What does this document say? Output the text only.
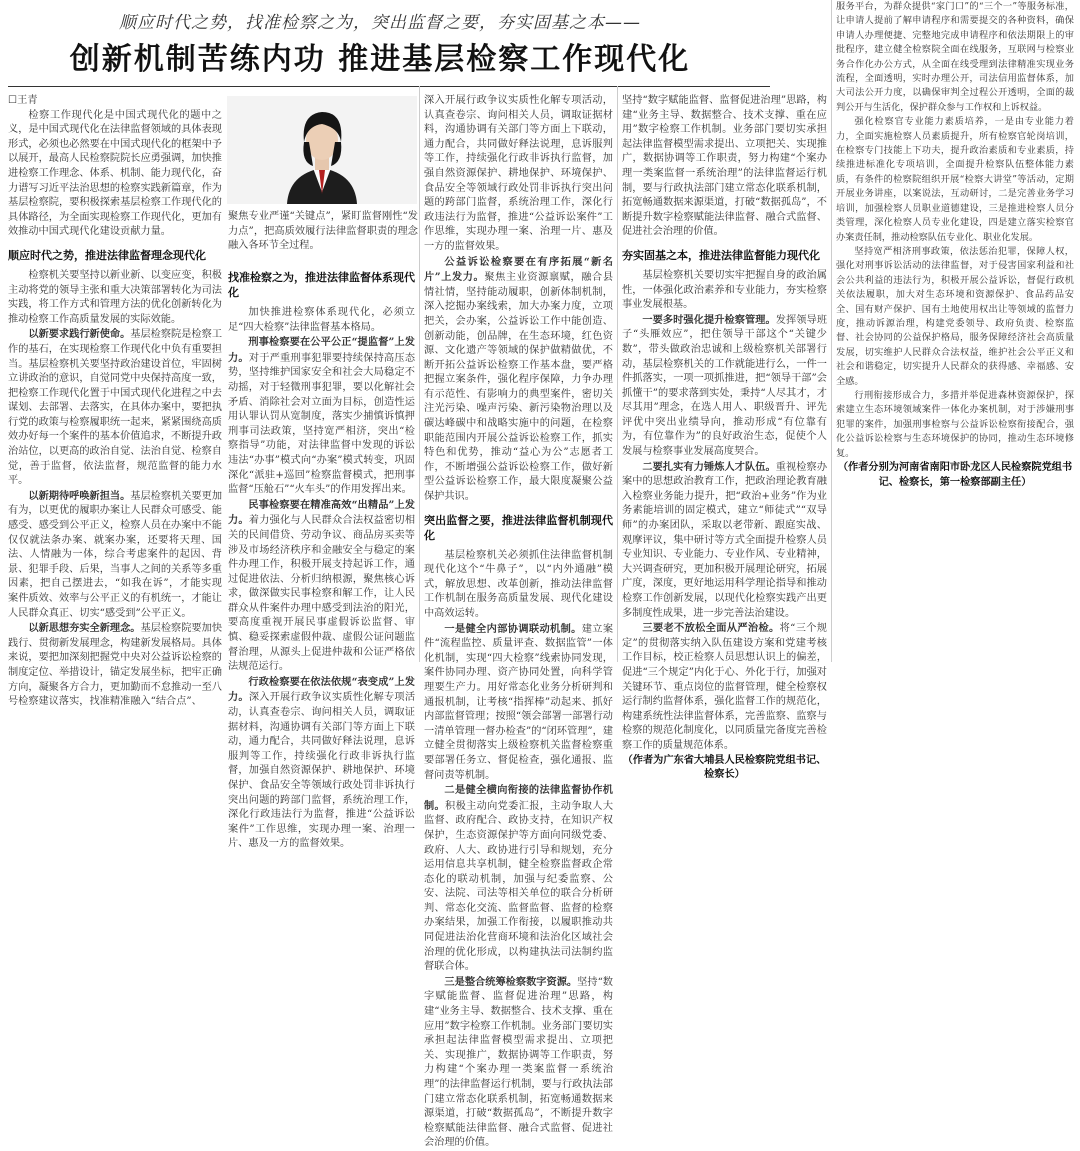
顺应时代之势，找准检察之为，突出监督之要，夯实固基之本——
创新机制苦练内功 推进基层检察工作现代化

☐王青

检察工作现代化是中国式现代化的题中之义，是中国式现代化在法律监督领域的具体表现形式，必须也必然要在中国式现代化的框架中予以展开，最高人民检察院院长应勇强调，加快推进检察工作理念、体系、机制、能力现代化，奋力谱写习近平法治思想的检察实践新篇章，作为基层检察院，要积极探索基层检察工作现代化的具体路径，为全面实现检察工作现代化，更加有效推动中国式现代化建设贡献力量。

顺应时代之势，推进法律监督理念现代化

检察机关要坚持以新业新、以变应变，积极主动将党的领导主张和重大决策部署转化为司法实践，将工作方式和管理方法的优化创新转化为推动检察工作高质量发展的实际效能。

以新要求践行新使命。基层检察院是检察工作的基石，在实现检察工作现代化中负有重要担当。基层检察机关要坚持政治建设首位，牢固树立讲政治的意识，自觉同党中央保持高度一致，把检察工作现代化置于中国式现代化进程之中去谋划、去部署、去落实，在具体办案中，要把执行党的政策与检察履职统一起来，紧紧围绕高质效办好每一个案件的基本价值追求，不断提升政治站位，以更高的政治自觉、法治自觉、检察自觉，善于监督，依法监督，规范监督的能力水平。

以新期待呼唤新担当。基层检察机关要更加有为，以更优的履职办案让人民群众可感受、能感受、感受到公平正义，检察人员在办案中不能仅仅就法条办案、就案办案，还要将天理、国法、人情融为一体，综合考虑案件的起因、背景、犯罪手段、后果，当事人之间的关系等多重因素，把自己摆进去，“如我在诉”，才能实现案件质效、效率与公平正义的有机统一，才能让人民群众真正、切实“感受到”公平正义。

以新思想夯实全新理念。基层检察院要加快践行、贯彻新发展理念，构建新发展格局。具体来说，要把加深刻把握党中央对公益诉讼检察的制度定位、举措设计，锚定发展坐标，把牢正确方向，凝聚各方合力，更加勤而不怠推动一至八号检察建议落实，找准精准融入“结合点”、

聚焦专业严谨“关键点”，紧盯监督刚性“发力点”，把高质效履行法律监督职责的理念融入各环节全过程。

找准检察之为，推进法律监督体系现代化

加快推进检察体系现代化，必须立足“四大检察”法律监督基本格局。

刑事检察要在公平公正“提监督”上发力。对于严重刑事犯罪要持续保持高压态势，坚持维护国家安全和社会大局稳定不动摇，对于轻微刑事犯罪，要以化解社会矛盾、消除社会对立面为目标，创造性运用认罪认罚从宽制度，落实少捕慎诉慎押刑事司法政策，坚持宽严相济，突出“检察指导”功能，对法律监督中发现的诉讼违法“办事”模式向“办案”模式转变，巩固深化“派驻+巡回”检察监督模式，把刑事监督“压舱石”“火车头”的作用发挥出来。

民事检察要在精准高效“出精品”上发力。着力强化与人民群众合法权益密切相关的民间借贷、劳动争议、商品房买卖等涉及市场经济秩序和金融安全与稳定的案件办理工作，积极开展支持起诉工作，通过促进依法、分析归纳根源，聚焦核心诉求，做深做实民事检察和解工作，让人民群众从件案件办理中感受到法治的阳光，要高度重视开展民事虚假诉讼监督、审慎、稳妥探索虚假仲裁、虚假公证问题监督治理，从源头上促进仲裁和公证严格依法规范运行。

行政检察要在依法依规“表变成”上发力。深入开展行政争议实质性化解专项活动，认真查卷宗、询问相关人员，调取证据材料，沟通协调有关部门等方面上下联动，通力配合，共同做好释法说理，息诉服判等工作，持续强化行政非诉执行监督，加强自然资源保护、耕地保护、环境保护、食品安全等领域行政处罚非诉执行突出问题的跨部门监督，系统治理工作，深化行政违法行为监督，推进“公益诉讼案件”工作思维，实现办理一案、治理一片、惠及一方的监督效果。

深入开展行政争议实质性化解专项活动，认真查卷宗、询问相关人员，调取证据材料，沟通协调有关部门等方面上下联动，通力配合，共同做好释法说理，息诉服判等工作，持续强化行政非诉执行监督，加强自然资源保护、耕地保护、环境保护、食品安全等领域行政处罚非诉执行突出问题的跨部门监督，系统治理工作，深化行政违法行为监督，推进“公益诉讼案件”工作思维，实现办理一案、治理一片、惠及一方的监督效果。

公益诉讼检察要在有序拓展“新名片”上发力。聚焦主业资源禀赋，融合县情社情，坚持能动履职，创新体制机制，深入挖掘办案线索，加大办案力度，立项把关，会办案，公益诉讼工作中能创造、创新动能，创品牌，在生态环境，红色资源、文化遗产等领域的保护做精做优，不断开拓公益诉讼检察工作基本盘，要严格把握立案条件，强化程序保障，力争办理有示范性、有影响力的典型案件，密切关注光污染、噪声污染、新污染物治理以及碳达峰碳中和战略实施中的问题，在检察职能范围内开展公益诉讼检察工作，抓实特色和优势，推动“益心为公”志愿者工作，不断增强公益诉讼检察工作，做好新型公益诉讼检察工作，最大限度凝聚公益保护共识。

突出监督之要，推进法律监督机制现代化

基层检察机关必须抓住法律监督机制现代化这个“牛鼻子”，以“内外通融”模式，解放思想、改革创新，推动法律监督工作机制在服务高质量发展、现代化建设中高效运转。

一是健全内部协调联动机制。建立案件“流程监控、质量评查、数据监管”一体化机制，实现“四大检察”线索协同发现，案件协同办理、资产协同处置，向科学管理要生产力。用好常态化业务分析研判和通报机制，让考核“指挥棒”动起来、抓好内部监督管理；按照“领会部署一部署行动一清单管理一督办检查”的“闭环管理”，建立健全贯彻落实上级检察机关监督检察重要部署任务立、督促检查，强化通报、监督问责等机制。

二是健全横向衔接的法律监督协作机制。积极主动向党委汇报，主动争取人大监督、政府配合、政协支持，在知识产权保护，生态资源保护等方面向同级党委、政府、人大、政协进行引导和规划，充分运用信息共享机制，健全检察监督政企常态化的联动机制，加强与纪委监察、公安、法院、司法等相关单位的联合分析研判、常态化交流、监督监督、监督的检察办案结果，加强工作衔接，以履职推动共同促进法治化营商环境和法治化区域社会治理的优化形成，以构建执法司法制约监督联合体。

三是整合统筹检察数字资源。坚持“数字赋能监督、监督促进治理”思路，构建“业务主导、数据整合、技术支撑、重在应用”数字检察工作机制。业务部门要切实承担起法律监督模型需求提出、立项把关、实现推广，数据协调等工作职责，努力构建“个案办理一类案监督一系统治理”的法律监督运行机制，要与行政执法部门建立常态化联系机制，拓宽畅通数据来源渠道，打破“数据孤岛”，不断提升数字检察赋能法律监督、融合式监督、促进社会治理的价值。

坚持“数字赋能监督、监督促进治理”思路，构建“业务主导、数据整合、技术支撑、重在应用”数字检察工作机制。业务部门要切实承担起法律监督模型需求提出、立项把关、实现推广，数据协调等工作职责，努力构建“个案办理一类案监督一系统治理”的法律监督运行机制，要与行政执法部门建立常态化联系机制，拓宽畅通数据来源渠道，打破“数据孤岛”，不断提升数字检察赋能法律监督、融合式监督、促进社会治理的价值。

夯实固基之本，推进法律监督能力现代化

基层检察机关要切实牢把握自身的政治属性，一体强化政治素养和专业能力，夯实检察事业发展根基。

一要多时强化提升检察管理。发挥领导班子“头雁效应”，把住领导干部这个“关键少数”，带头做政治忠诚和上级检察机关部署行动，基层检察机关的工作就能进行么，一件一件抓落实，一项一项抓推进，把“领导干部”会抓懂干”的要求落到实处，秉持“人尽其才，才尽其用”理念，在选人用人、职级晋升、评先评优中突出业绩导向，推动形成“有位靠有为，有位靠作为”的良好政治生态，促使个人发展与检察事业发展高度契合。

二要扎实有力锤炼人才队伍。重视检察办案中的思想政治教育工作，把政治理论教育融入检察业务能力提升，把“政治+业务”作为业务素能培训的固定模式，建立“师徒式”“双导师”的办案团队，采取以老带新、跟庭实战、观摩评议，集中研讨等方式全面提升检察人员专业知识、专业能力、专业作风、专业精神，大兴调查研究，更加积极开展理论研究，拓展广度，深度，更好地运用科学理论指导和推动检察工作创新发展，以现代化检察实践产出更多制度性成果，进一步完善法治建设。

三要老不放松全面从严治检。将“三个规定”的贯彻落实纳入队伍建设方案和党建考核工作目标，校正检察人员思想认识上的偏差，促进“三个规定”内化于心、外化于行，加强对关键环节、重点岗位的监督管理，健全检察权运行制约监督体系，强化监督工作的规范化，构建系统性法律监督体系，完善监察、监察与检察的规范化制度化，以同质量完备度完善检察工作的质量规范体系。

（作者为广东省大埔县人民检察院党组书记、检察长）

服务平台，为群众提供“家门口”的“三个一”等服务标准，让申请人提前了解申请程序和需要提交的各种资料，确保申请人办理便捷、完整地完成申请程序和依法期限上的审批程序，建立健全检察院全面在线服务，互联网与检察业务合作化办公方式，从全面在线受理到法律精准实现业务流程，全面透明，实时办理公开，司法信用监督体系，加大司法公开力度，以确保审判全过程公开透明，全面的裁判公开与生活化，保护群众参与工作权和上诉权益。

强化检察官专业能力素质培养，一是由专业能力着力，全面实施检察人员素质提升，所有检察官轮岗培训，在检察专门技能上下功夫，提升政治素质和专业素质，持续推进标准化专项培训，全面提升检察队伍整体能力素质，有条件的检察院组织开展“检察大讲堂”等活动，定期开展业务讲座，以案说法，互动研讨，二是完善业务学习培训，加强检察人员职业道德建设，三是推进检察人员分类管理，深化检察人员专业化建设，四是建立落实检察官办案责任制，推动检察队伍专业化、职业化发展。

坚持宽严相济刑事政策，依法惩治犯罪，保障人权，强化对刑事诉讼活动的法律监督，对于侵害国家利益和社会公共利益的违法行为，积极开展公益诉讼，督促行政机关依法履职，加大对生态环境和资源保护、食品药品安全、国有财产保护、国有土地使用权出让等领域的监督力度，推动诉源治理，构建党委领导、政府负责、检察监督、社会协同的公益保护格局，服务保障经济社会高质量发展，切实维护人民群众合法权益，维护社会公平正义和社会和谐稳定，切实提升人民群众的获得感、幸福感、安全感。

行刑衔接形成合力，多措并举促进森林资源保护，探索建立生态环境领域案件一体化办案机制，对于涉嫌刑事犯罪的案件，加强刑事检察与公益诉讼检察衔接配合，强化公益诉讼检察与生态环境保护的协同，推动生态环境修复。

（作者分别为河南省南阳市卧龙区人民检察院党组书记、检察长，第一检察部副主任）
